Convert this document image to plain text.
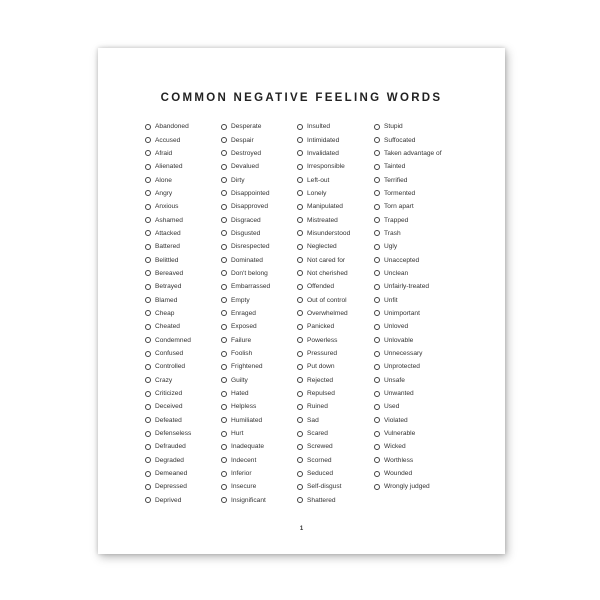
COMMON NEGATIVE FEELING WORDS
Abandoned
Accused
Afraid
Alienated
Alone
Angry
Anxious
Ashamed
Attacked
Battered
Belittled
Bereaved
Betrayed
Blamed
Cheap
Cheated
Condemned
Confused
Controlled
Crazy
Criticized
Deceived
Defeated
Defenseless
Defrauded
Degraded
Demeaned
Depressed
Deprived
Desperate
Despair
Destroyed
Devalued
Dirty
Disappointed
Disapproved
Disgraced
Disgusted
Disrespected
Dominated
Don't belong
Embarrassed
Empty
Enraged
Exposed
Failure
Foolish
Frightened
Guilty
Hated
Helpless
Humiliated
Hurt
Inadequate
Indecent
Inferior
Insecure
Insignificant
Insulted
Intimidated
Invalidated
Irresponsible
Left-out
Lonely
Manipulated
Mistreated
Misunderstood
Neglected
Not cared for
Not cherished
Offended
Out of control
Overwhelmed
Panicked
Powerless
Pressured
Put down
Rejected
Repulsed
Ruined
Sad
Scared
Screwed
Scorned
Seduced
Self-disgust
Shattered
Stupid
Suffocated
Taken advantage of
Tainted
Terrified
Tormented
Torn apart
Trapped
Trash
Ugly
Unaccepted
Unclean
Unfairly-treated
Unfit
Unimportant
Unloved
Unlovable
Unnecessary
Unprotected
Unsafe
Unwanted
Used
Violated
Vulnerable
Wicked
Worthless
Wounded
Wrongly judged
1
